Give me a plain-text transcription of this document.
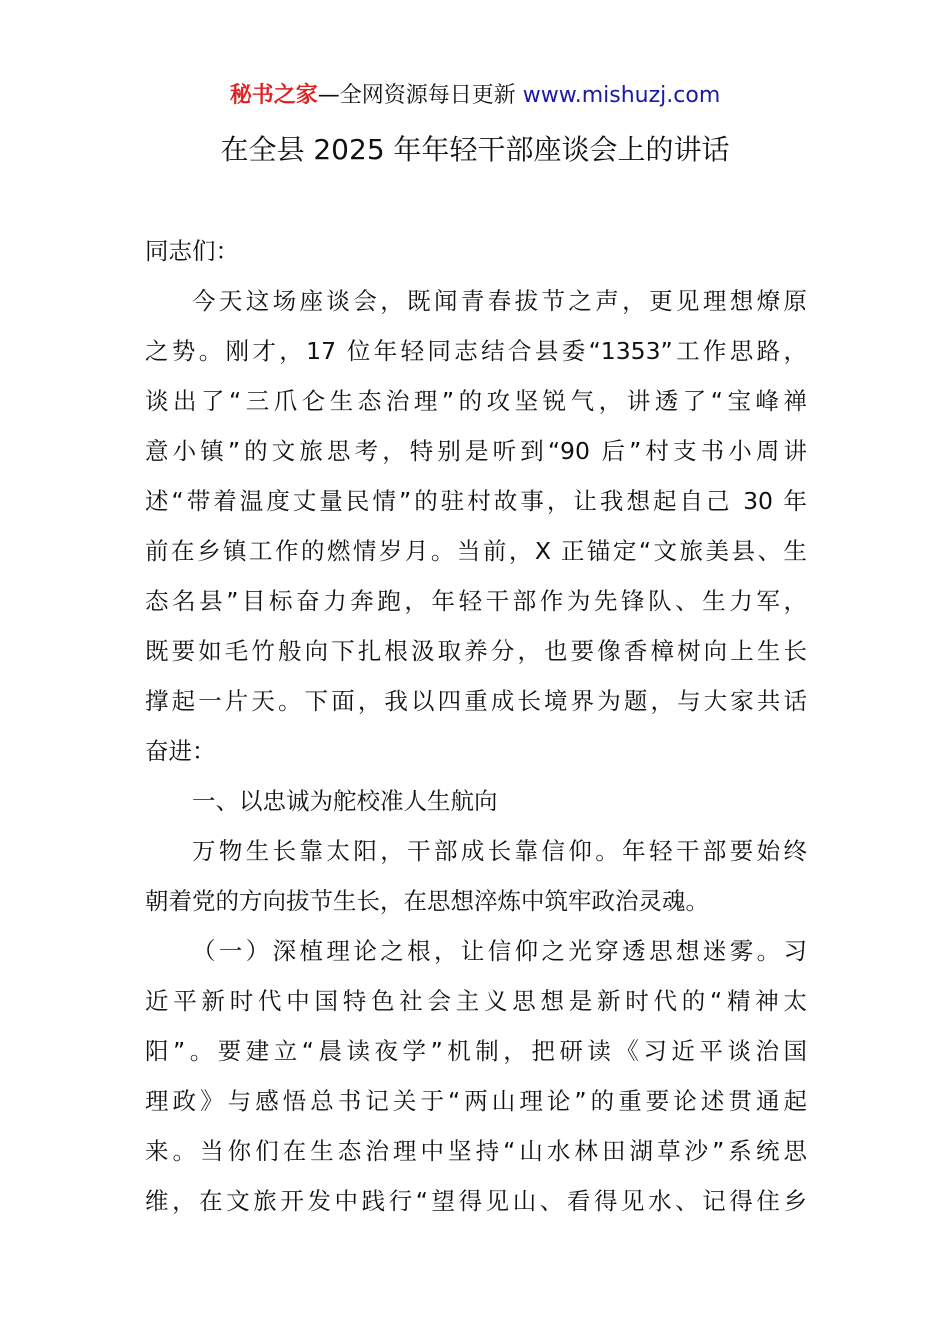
秘书之家—全网资源每日更新 www.mishuzj.com
在全县 2025 年年轻干部座谈会上的讲话
同志们：
今天这场座谈会，既闻青春拔节之声，更见理想燎原
之势。刚才，17 位年轻同志结合县委“1353”工作思路，
谈出了“三爪仑生态治理”的攻坚锐气，讲透了“宝峰禅
意小镇”的文旅思考，特别是听到“90 后”村支书小周讲
述“带着温度丈量民情”的驻村故事，让我想起自己 30 年
前在乡镇工作的燃情岁月。当前，X 正锚定“文旅美县、生
态名县”目标奋力奔跑，年轻干部作为先锋队、生力军，
既要如毛竹般向下扎根汲取养分，也要像香樟树向上生长
撑起一片天。下面，我以四重成长境界为题，与大家共话
奋进：
一、以忠诚为舵校准人生航向
万物生长靠太阳，干部成长靠信仰。年轻干部要始终
朝着党的方向拔节生长，在思想淬炼中筑牢政治灵魂。
（一）深植理论之根，让信仰之光穿透思想迷雾。习
近平新时代中国特色社会主义思想是新时代的“精神太
阳”。要建立“晨读夜学”机制，把研读《习近平谈治国
理政》与感悟总书记关于“两山理论”的重要论述贯通起
来。当你们在生态治理中坚持“山水林田湖草沙”系统思
维，在文旅开发中践行“望得见山、看得见水、记得住乡
